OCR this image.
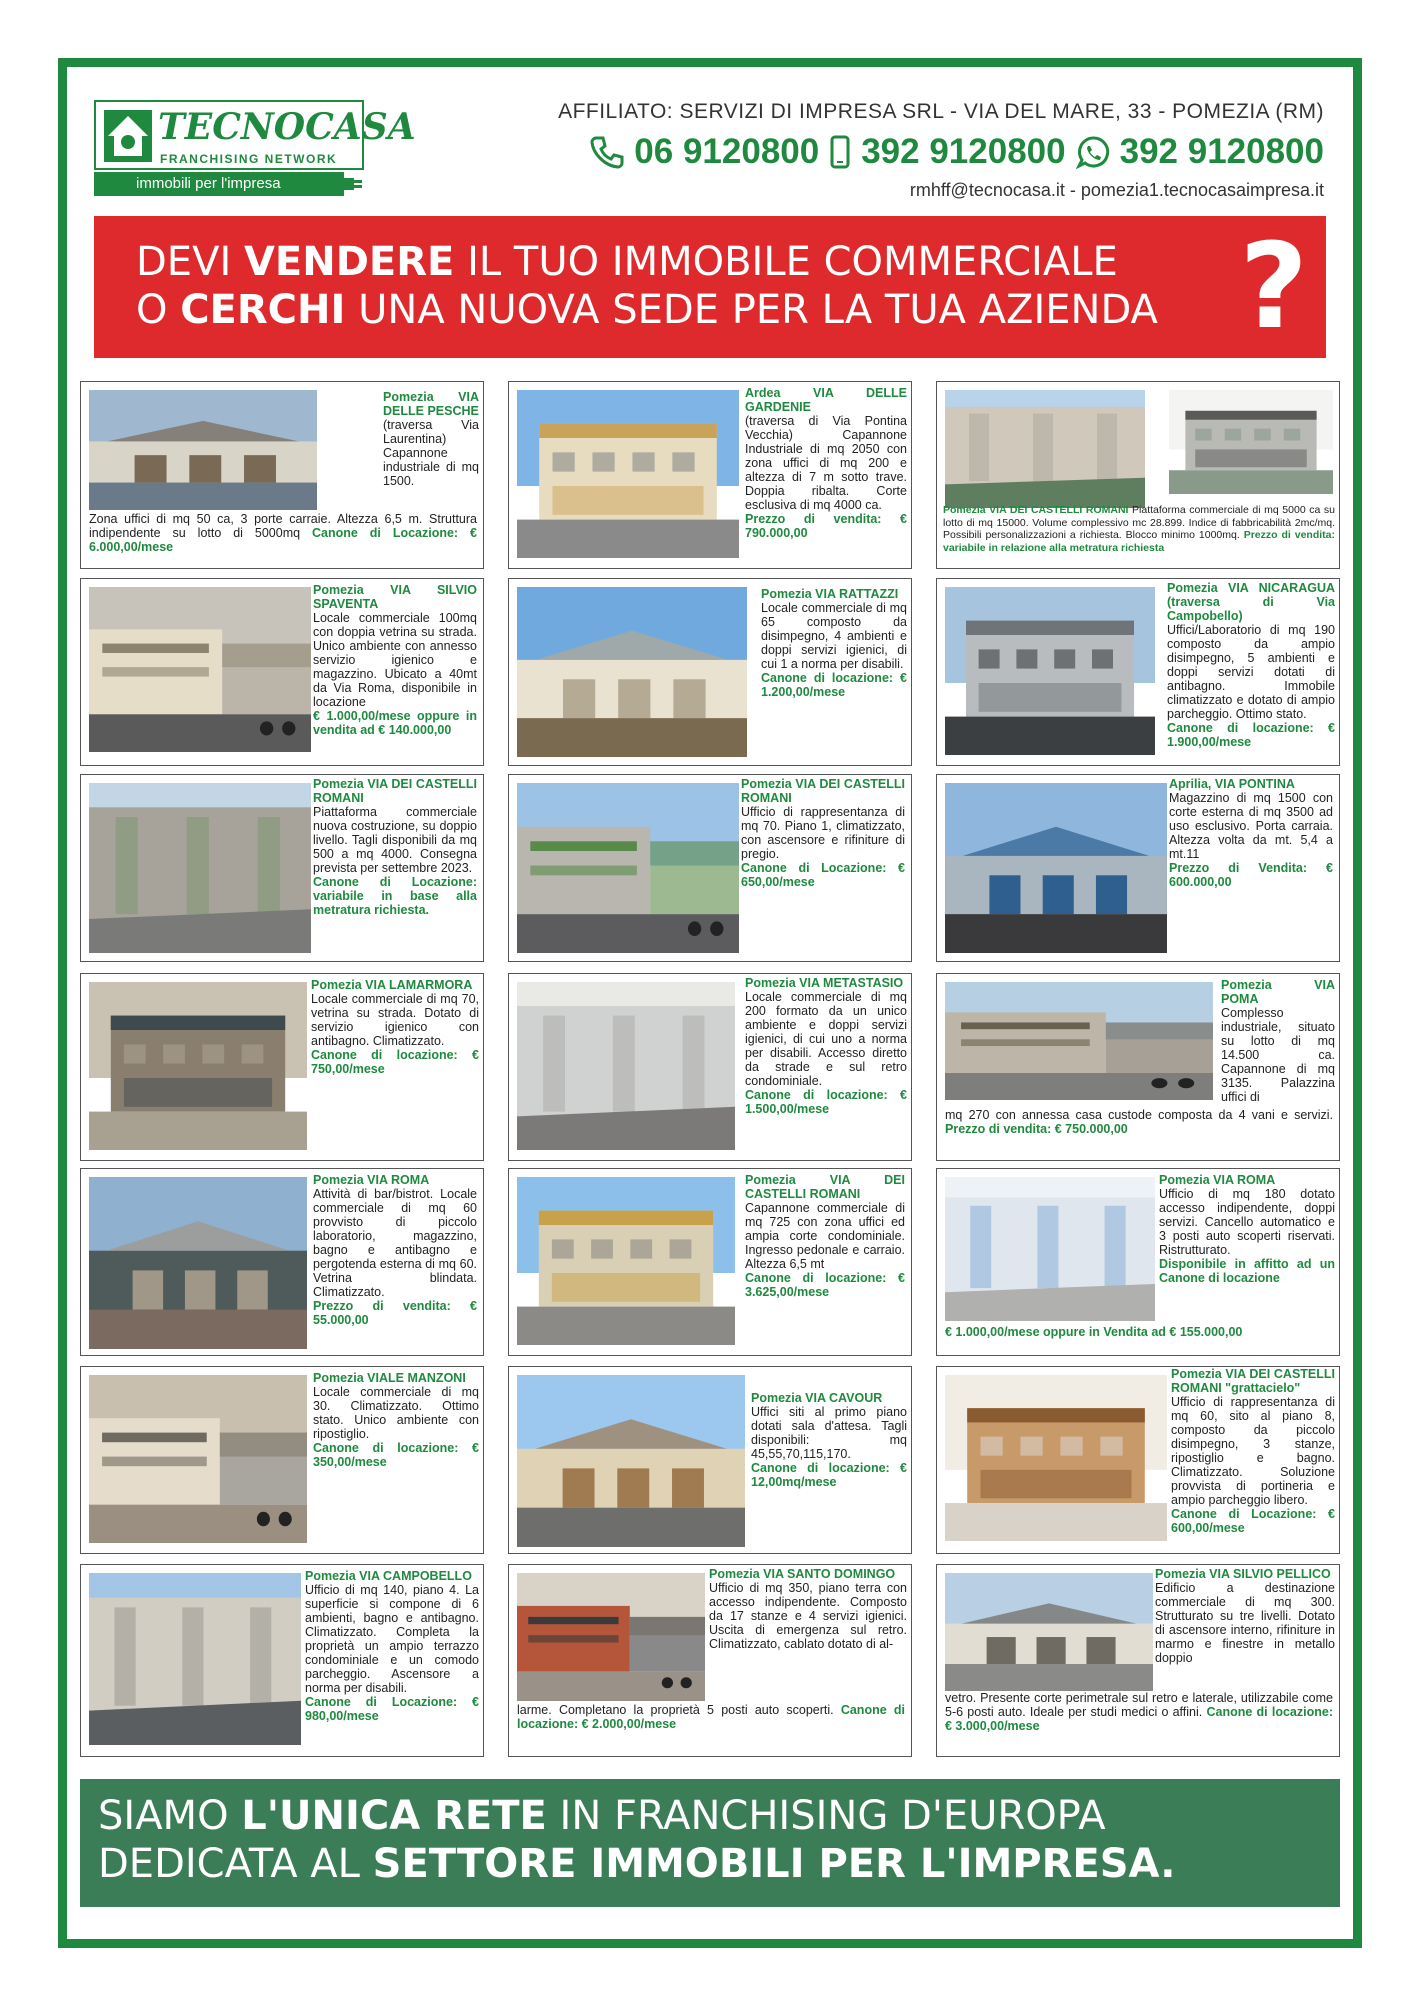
TECNOCASA
FRANCHISING NETWORK
immobili per l'impresa
AFFILIATO: SERVIZI DI IMPRESA SRL - VIA DEL MARE, 33 - POMEZIA (RM)
06 9120800 392 9120800 392 9120800
rmhff@tecnocasa.it - pomezia1.tecnocasaimpresa.it
DEVI VENDERE IL TUO IMMOBILE COMMERCIALE
O CERCHI UNA NUOVA SEDE PER LA TUA AZIENDA ?
Pomezia VIA DELLE PESCHE
(traversa Via Laurentina) Capannone industriale di mq 1500.
Zona uffici di mq 50 ca, 3 porte carraie. Altezza 6,5 m. Struttura indipendente su lotto di 5000mq Canone di Locazione: € 6.000,00/mese
Ardea VIA DELLE GARDENIE
(traversa di Via Pontina Vecchia) Capannone Industriale di mq 2050 con zona uffici di mq 200 e altezza di 7 m sotto trave. Doppia ribalta. Corte esclusiva di mq 4000 ca.
Prezzo di vendita: € 790.000,00
Pomezia VIA DEI CASTELLI ROMANI Piattaforma commerciale di mq 5000 ca su lotto di mq 15000. Volume complessivo mc 28.899. Indice di fabbricabilità 2mc/mq. Possibili personalizzazioni a richiesta. Blocco minimo 1000mq. Prezzo di vendita: variabile in relazione alla metratura richiesta
Pomezia VIA SILVIO SPAVENTA
Locale commerciale 100mq con doppia vetrina su strada. Unico ambiente con annesso servizio igienico e magazzino. Ubicato a 40mt da Via Roma, disponibile in locazione
€ 1.000,00/mese oppure in vendita ad € 140.000,00
Pomezia VIA RATTAZZI
Locale commerciale di mq 65 composto da disimpegno, 4 ambienti e doppi servizi igienici, di cui 1 a norma per disabili.
Canone di locazione: € 1.200,00/mese
Pomezia VIA NICARAGUA (traversa di Via Campobello)
Uffici/Laboratorio di mq 190 composto da ampio disimpegno, 5 ambienti e doppi servizi dotati di antibagno. Immobile climatizzato e dotato di ampio parcheggio. Ottimo stato.
Canone di locazione: € 1.900,00/mese
Pomezia VIA DEI CASTELLI ROMANI
Piattaforma commerciale nuova costruzione, su doppio livello. Tagli disponibili da mq 500 a mq 4000. Consegna prevista per settembre 2023.
Canone di Locazione: variabile in base alla metratura richiesta.
Pomezia VIA DEI CASTELLI ROMANI
Ufficio di rappresentanza di mq 70. Piano 1, climatizzato, con ascensore e rifiniture di pregio.
Canone di Locazione: € 650,00/mese
Aprilia, VIA PONTINA
Magazzino di mq 1500 con corte esterna di mq 3500 ad uso esclusivo. Porta carraia. Altezza volta da mt. 5,4 a mt.11
Prezzo di Vendita: € 600.000,00
Pomezia VIA LAMARMORA
Locale commerciale di mq 70, vetrina su strada. Dotato di servizio igienico con antibagno. Climatizzato.
Canone di locazione: € 750,00/mese
Pomezia VIA METASTASIO
Locale commerciale di mq 200 formato da un unico ambiente e doppi servizi igienici, di cui uno a norma per disabili. Accesso diretto da strade e sul retro condominiale.
Canone di locazione: € 1.500,00/mese
Pomezia VIA POMA
Complesso industriale, situato su lotto di mq 14.500 ca. Capannone di mq 3135. Palazzina uffici di
mq 270 con annessa casa custode composta da 4 vani e servizi. Prezzo di vendita: € 750.000,00
Pomezia VIA ROMA
Attività di bar/bistrot. Locale commerciale di mq 60 provvisto di piccolo laboratorio, magazzino, bagno e antibagno e pergotenda esterna di mq 60. Vetrina blindata. Climatizzato.
Prezzo di vendita: € 55.000,00
Pomezia VIA DEI CASTELLI ROMANI
Capannone commerciale di mq 725 con zona uffici ed ampia corte condominiale. Ingresso pedonale e carraio. Altezza 6,5 mt
Canone di locazione: € 3.625,00/mese
Pomezia VIA ROMA
Ufficio di mq 180 dotato accesso indipendente, doppi servizi. Cancello automatico e 3 posti auto scoperti riservati. Ristrutturato.
Disponibile in affitto ad un Canone di locazione
€ 1.000,00/mese oppure in Vendita ad € 155.000,00
Pomezia VIALE MANZONI
Locale commerciale di mq 30. Climatizzato. Ottimo stato. Unico ambiente con ripostiglio.
Canone di locazione: € 350,00/mese
Pomezia VIA CAVOUR
Uffici siti al primo piano dotati sala d'attesa. Tagli disponibili: mq 45,55,70,115,170.
Canone di locazione: € 12,00mq/mese
Pomezia VIA DEI CASTELLI ROMANI "grattacielo"
Ufficio di rappresentanza di mq 60, sito al piano 8, composto da piccolo disimpegno, 3 stanze, ripostiglio e bagno. Climatizzato. Soluzione provvista di portineria e ampio parcheggio libero.
Canone di Locazione: € 600,00/mese
Pomezia VIA CAMPOBELLO
Ufficio di mq 140, piano 4. La superficie si compone di 6 ambienti, bagno e antibagno. Climatizzato. Completa la proprietà un ampio terrazzo condominiale e un comodo parcheggio. Ascensore a norma per disabili.
Canone di Locazione: € 980,00/mese
Pomezia VIA SANTO DOMINGO
Ufficio di mq 350, piano terra con accesso indipendente. Composto da 17 stanze e 4 servizi igienici. Uscita di emergenza sul retro. Climatizzato, cablato dotato di al-
larme. Completano la proprietà 5 posti auto scoperti. Canone di locazione: € 2.000,00/mese
Pomezia VIA SILVIO PELLICO
Edificio a destinazione commerciale di mq 300. Strutturato su tre livelli. Dotato di ascensore interno, rifiniture in marmo e finestre in metallo doppio
vetro. Presente corte perimetrale sul retro e laterale, utilizzabile come 5-6 posti auto. Ideale per studi medici o affini. Canone di locazione: € 3.000,00/mese
SIAMO L'UNICA RETE IN FRANCHISING D'EUROPA
DEDICATA AL SETTORE IMMOBILI PER L'IMPRESA.
